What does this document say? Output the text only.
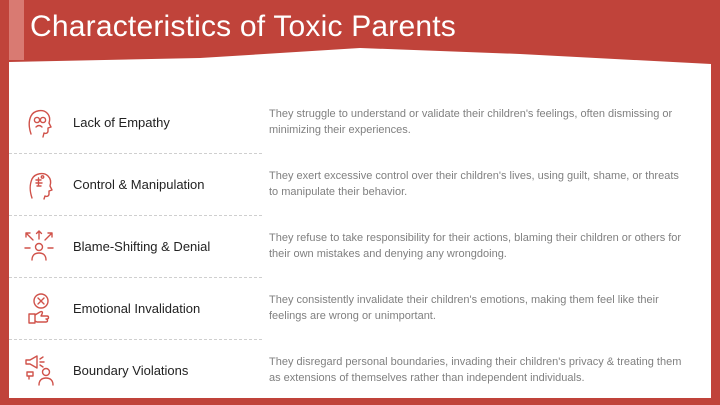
Characteristics of Toxic Parents
Lack of Empathy
They struggle to understand or validate their children's feelings, often dismissing or minimizing their experiences.
Control & Manipulation
They exert excessive control over their children's lives, using guilt, shame, or threats to manipulate their behavior.
Blame-Shifting & Denial
They refuse to take responsibility for their actions, blaming their children or others for their own mistakes and denying any wrongdoing.
Emotional Invalidation
They consistently invalidate their children's emotions, making them feel like their feelings are wrong or unimportant.
Boundary Violations
They disregard personal boundaries, invading their children's privacy & treating them as extensions of themselves rather than independent individuals.
